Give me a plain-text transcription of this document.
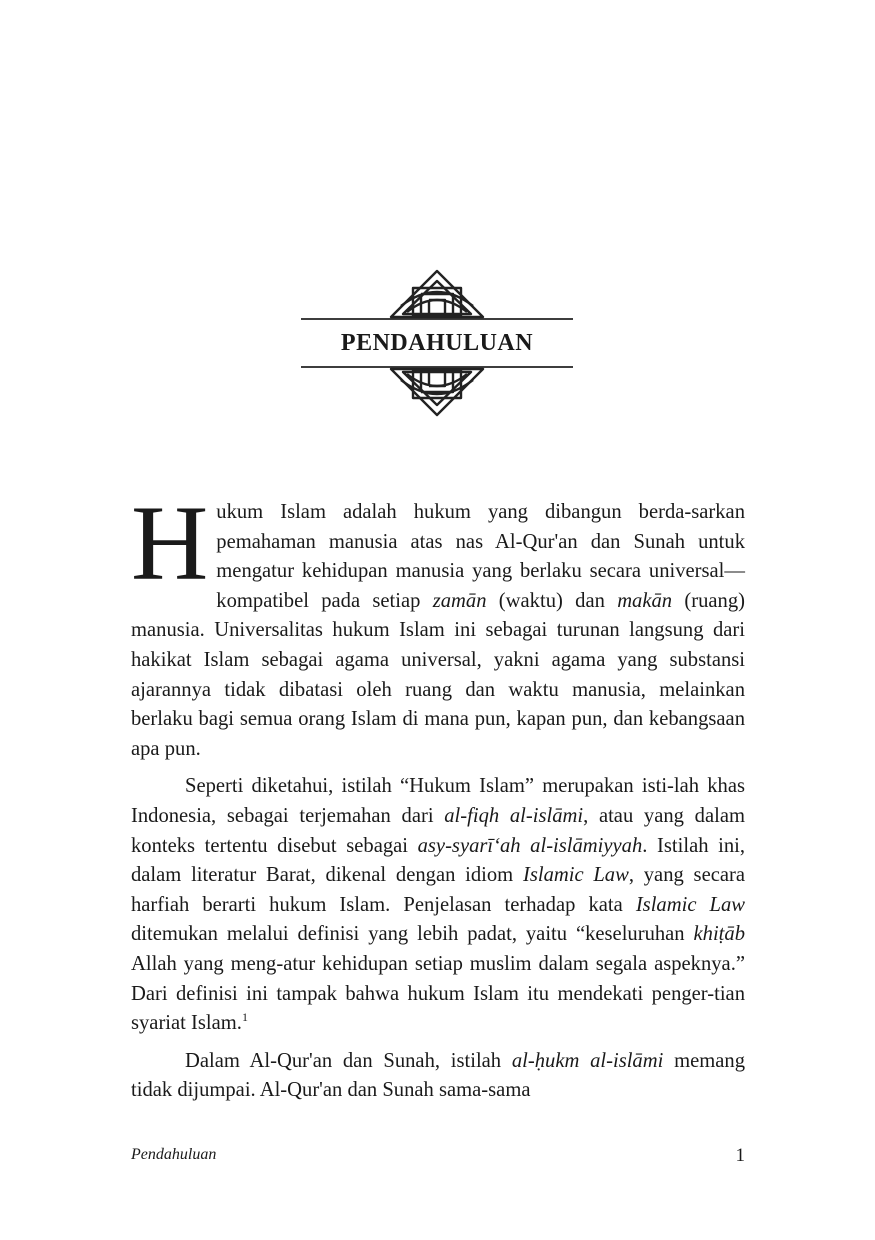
PENDAHULUAN

Hukum Islam adalah hukum yang dibangun berda-sarkan pemahaman manusia atas nas Al-Qur'an dan Sunah untuk mengatur kehidupan manusia yang berlaku secara universal—kompatibel pada setiap zamān (waktu) dan makān (ruang) manusia. Universalitas hukum Islam ini sebagai turunan langsung dari hakikat Islam sebagai agama universal, yakni agama yang substansi ajarannya tidak dibatasi oleh ruang dan waktu manusia, melainkan berlaku bagi semua orang Islam di mana pun, kapan pun, dan kebangsaan apa pun.

Seperti diketahui, istilah “Hukum Islam” merupakan isti-lah khas Indonesia, sebagai terjemahan dari al-fiqh al-islāmi, atau yang dalam konteks tertentu disebut sebagai asy-syarī‘ah al-islāmiyyah. Istilah ini, dalam literatur Barat, dikenal dengan idiom Islamic Law, yang secara harfiah berarti hukum Islam. Penjelasan terhadap kata Islamic Law ditemukan melalui definisi yang lebih padat, yaitu “keseluruhan khiṭāb Allah yang meng-atur kehidupan setiap muslim dalam segala aspeknya.” Dari definisi ini tampak bahwa hukum Islam itu mendekati penger-tian syariat Islam.$^1$

Dalam Al-Qur'an dan Sunah, istilah al-ḥukm al-islāmi memang tidak dijumpai. Al-Qur'an dan Sunah sama-sama

Pendahuluan	1
